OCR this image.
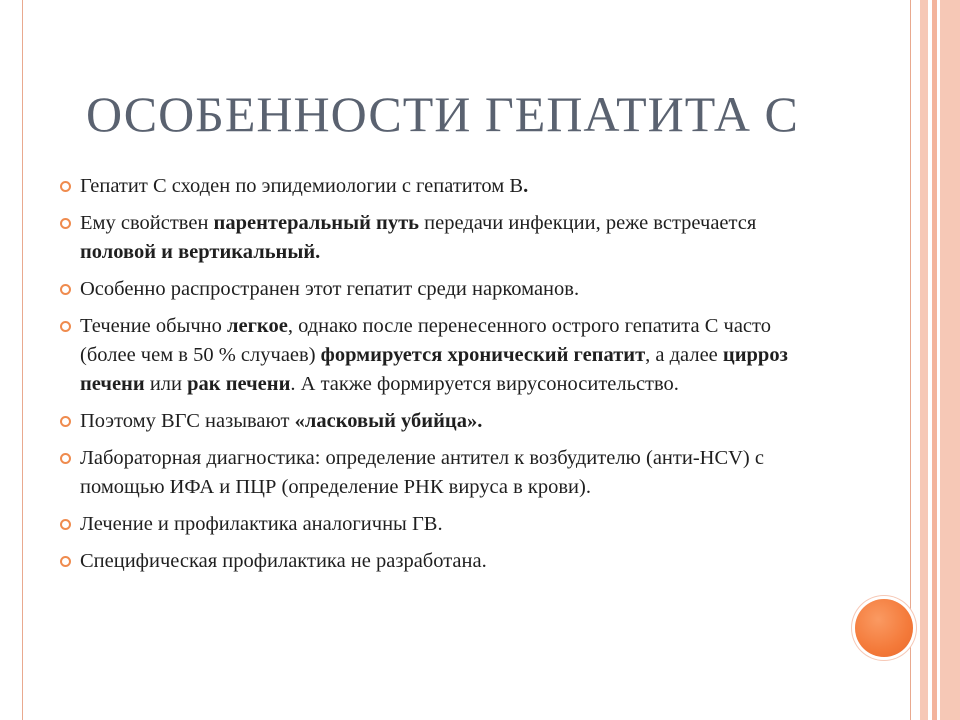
ОСОБЕННОСТИ ГЕПАТИТА С
Гепатит С сходен по эпидемиологии с гепатитом В.
Ему свойствен парентеральный путь передачи инфекции, реже встречается половой и вертикальный.
Особенно распространен этот гепатит среди наркоманов.
Течение обычно легкое, однако после перенесенного острого гепатита С часто (более чем в 50 % случаев) формируется хронический гепатит, а далее цирроз печени или рак печени. А также формируется вирусоносительство.
Поэтому ВГС называют «ласковый убийца».
Лабораторная диагностика: определение антител к возбудителю (анти-HCV) с помощью ИФА и ПЦР (определение РНК вируса в крови).
Лечение и профилактика аналогичны ГВ.
Специфическая профилактика не разработана.
